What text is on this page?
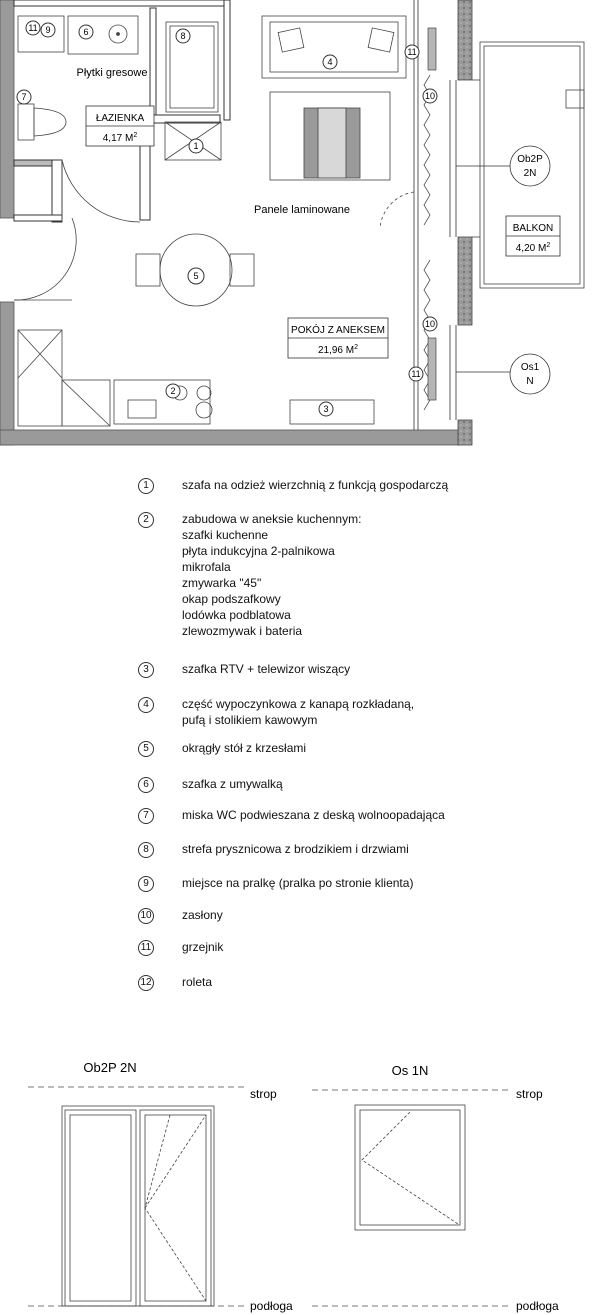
ŁAZIENKA
4,17 $M^2$
Płytki gresowe
POKÓJ Z ANEKSEM
21,96 $M^2$
Panele laminowane
BALKON
4,20 $M^2$
Ob2P
2N
Os1
N
11 9	6	8
7
1
4
5
2
3
11
10
10
11
1	szafa na odzież wierzchnią z funkcją gospodarczą
2	zabudowa w aneksie kuchennym:
szafki kuchenne
płyta indukcyjna 2-palnikowa
mikrofala
zmywarka "45"
okap podszafkowy
lodówka podblatowa
zlewozmywak i bateria
3	szafka RTV + telewizor wiszący
4	część wypoczynkowa z kanapą rozkładaną,
pufą i stolikiem kawowym
5	okrągły stół z krzesłami
6	szafka z umywalką
7	miska WC podwieszana z deską wolnoopadająca
8	strefa prysznicowa z brodzikiem i drzwiami
9	miejsce na pralkę (pralka po stronie klienta)
10	zasłony
11	grzejnik
12	roleta
Ob2P 2N
strop
podłoga
Os 1N
strop
podłoga
